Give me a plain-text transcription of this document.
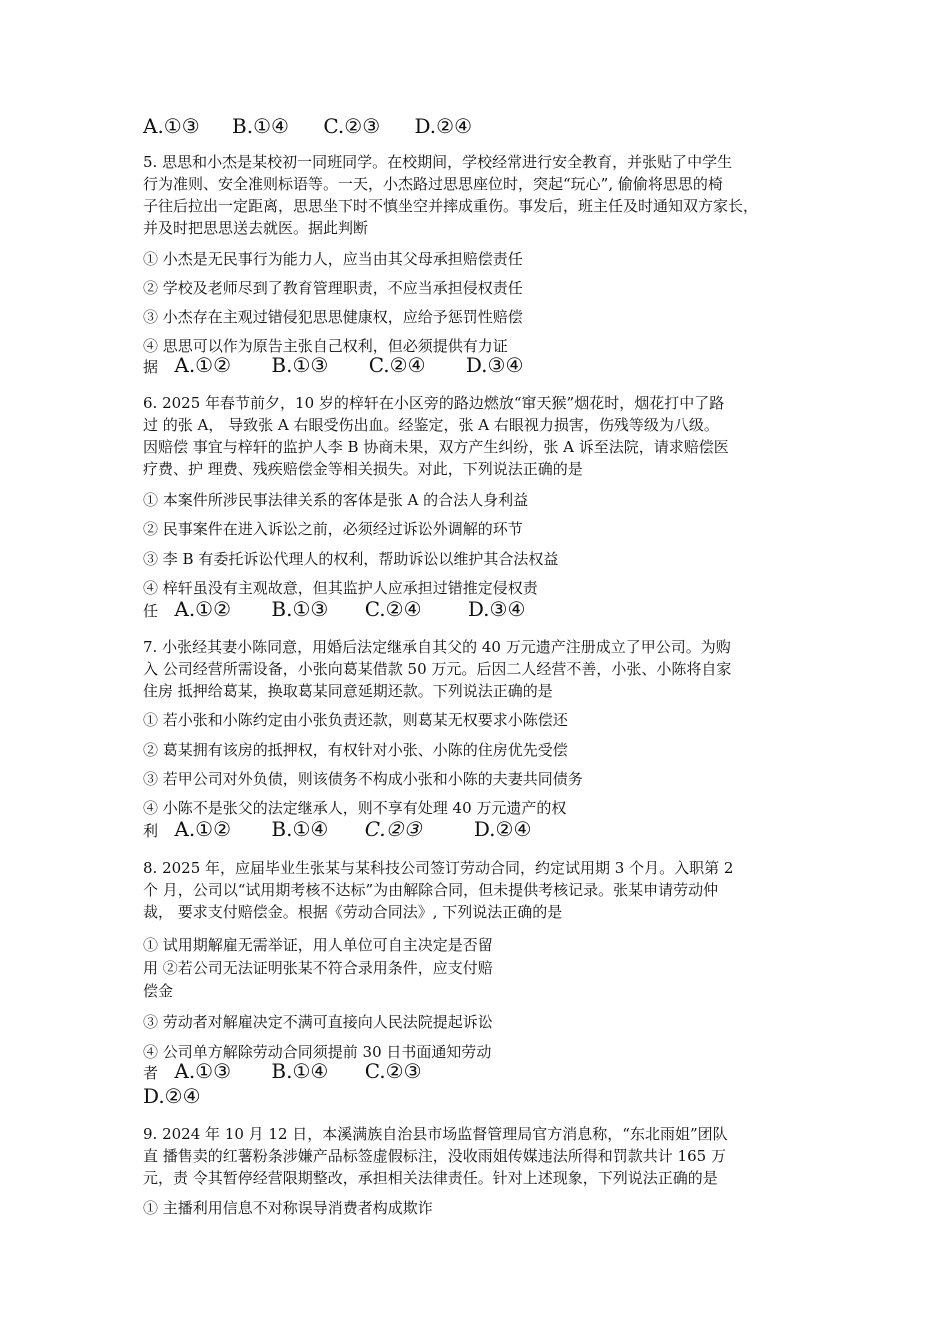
A.①③ B.①④ C.②③ D.②④
5. 思思和小杰是某校初一同班同学。在校期间，学校经常进行安全教育，并张贴了中学生
行为准则、安全准则标语等。一天，小杰路过思思座位时，突起“玩心”, 偷偷将思思的椅
子往后拉出一定距离，思思坐下时不慎坐空并摔成重伤。事发后，班主任及时通知双方家长，
并及时把思思送去就医。据此判断
① 小杰是无民事行为能力人，应当由其父母承担赔偿责任
② 学校及老师尽到了教育管理职责，不应当承担侵权责任
③ 小杰存在主观过错侵犯思思健康权，应给予惩罚性赔偿
④ 思思可以作为原告主张自己权利，但必须提供有力证
据 A.①② B.①③ C.②④ D.③④
6. 2025 年春节前夕，10 岁的梓轩在小区旁的路边燃放“窜天猴”烟花时，烟花打中了路
过 的张 A， 导致张 A 右眼受伤出血。经鉴定，张 A 右眼视力损害，伤残等级为八级。
因赔偿 事宜与梓轩的监护人李 B 协商未果，双方产生纠纷，张 A 诉至法院，请求赔偿医
疗费、护 理费、残疾赔偿金等相关损失。对此，下列说法正确的是
① 本案件所涉民事法律关系的客体是张 A 的合法人身利益
② 民事案件在进入诉讼之前，必须经过诉讼外调解的环节
③ 李 B 有委托诉讼代理人的权利，帮助诉讼以维护其合法权益
④ 梓轩虽没有主观故意，但其监护人应承担过错推定侵权责
任 A.①② B.①③ C.②④ D.③④
7. 小张经其妻小陈同意，用婚后法定继承自其父的 40 万元遗产注册成立了甲公司。为购
入 公司经营所需设备，小张向葛某借款 50 万元。后因二人经营不善，小张、小陈将自家
住房 抵押给葛某，换取葛某同意延期还款。下列说法正确的是
① 若小张和小陈约定由小张负责还款，则葛某无权要求小陈偿还
② 葛某拥有该房的抵押权，有权针对小张、小陈的住房优先受偿
③ 若甲公司对外负债，则该债务不构成小张和小陈的夫妻共同债务
④ 小陈不是张父的法定继承人，则不享有处理 40 万元遗产的权
利 A.①② B.①④ C.②③	D.②④
8. 2025 年，应届毕业生张某与某科技公司签订劳动合同，约定试用期 3 个月。入职第 2
个 月，公司以“试用期考核不达标”为由解除合同，但未提供考核记录。张某申请劳动仲
裁， 要求支付赔偿金。根据《劳动合同法》, 下列说法正确的是
① 试用期解雇无需举证，用人单位可自主决定是否留
用 ②若公司无法证明张某不符合录用条件，应支付赔
偿金
③ 劳动者对解雇决定不满可直接向人民法院提起诉讼
④ 公司单方解除劳动合同须提前 30 日书面通知劳动
者 A.①③ B.①④ C.②③
D.②④
9. 2024 年 10 月 12 日，本溪满族自治县市场监督管理局官方消息称，“东北雨姐”团队
直 播售卖的红薯粉条涉嫌产品标签虚假标注，没收雨姐传媒违法所得和罚款共计 165 万
元，责 令其暂停经营限期整改，承担相关法律责任。针对上述现象，下列说法正确的是
① 主播利用信息不对称误导消费者构成欺诈
